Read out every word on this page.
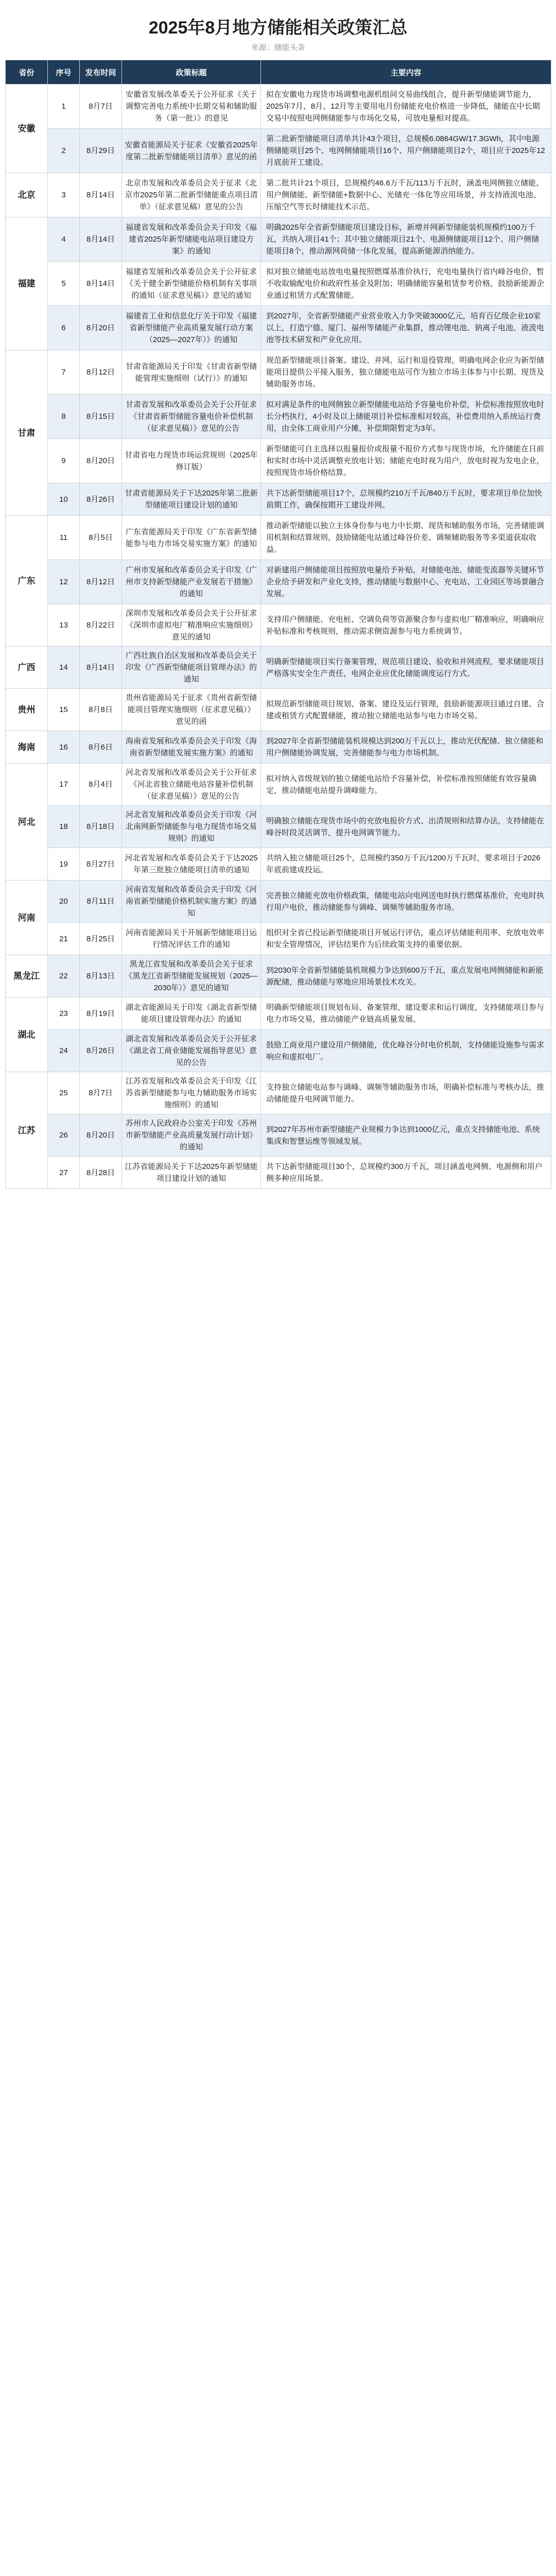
2025年8月地方储能相关政策汇总
来源：储能头条
省份	序号	发布时间	政策标题	主要内容
安徽	1	8月7日	安徽省发展改革委关于公开征求《关于调整完善电力系统中长期交易和辅助服务（第一批）》的意见	拟在安徽电力现货市场调整电源机组间交易曲线组合，提升新型储能调节能力，2025年7月、8月、12月等主要用电月份储能充电价格进一步降低，储能在中长期交易中按照电网侧储能参与市场化交易，可放电量相对提高。
	2	8月29日	安徽省能源局关于征求《安徽省2025年度第二批新型储能项目清单》意见的函	第二批新型储能项目清单共计43个项目，总规模6.0864GW/17.3GWh，其中电源侧储能项目25个、电网侧储能项目16个、用户侧储能项目2个，项目应于2025年12月底前开工建设。
北京	3	8月14日	北京市发展和改革委员会关于征求《北京市2025年第二批新型储能重点项目清单》（征求意见稿）意见的公告	第二批共计21个项目，总规模约46.6万千瓦/113万千瓦时，涵盖电网侧独立储能、用户侧储能、新型储能+数据中心、光储充一体化等应用场景，并支持液流电池、压缩空气等长时储能技术示范。
福建	4	8月14日	福建省发展和改革委员会关于印发《福建省2025年新型储能电站项目建设方案》的通知	明确2025年全省新型储能项目建设目标，新增并网新型储能装机规模约100万千瓦，共纳入项目41个；其中独立储能项目21个、电源侧储能项目12个、用户侧储能项目8个，推动源网荷储一体化发展，提高新能源消纳能力。
	5	8月14日	福建省发展和改革委员会关于公开征求《关于健全新型储能价格机制有关事项的通知（征求意见稿）》意见的通知	拟对独立储能电站放电电量按照燃煤基准价执行，充电电量执行省内峰谷电价，暂不收取输配电价和政府性基金及附加；明确储能容量租赁参考价格，鼓励新能源企业通过租赁方式配置储能。
	6	8月20日	福建省工业和信息化厅关于印发《福建省新型储能产业高质量发展行动方案（2025—2027年）》的通知	到2027年，全省新型储能产业营业收入力争突破3000亿元，培育百亿级企业10家以上，打造宁德、厦门、福州等储能产业集群，推动锂电池、钠离子电池、液流电池等技术研发和产业化应用。
甘肃	7	8月12日	甘肃省能源局关于印发《甘肃省新型储能管理实施细则（试行）》的通知	规范新型储能项目备案、建设、并网、运行和退役管理，明确电网企业应为新型储能项目提供公平接入服务，独立储能电站可作为独立市场主体参与中长期、现货及辅助服务市场。
	8	8月15日	甘肃省发展和改革委员会关于公开征求《甘肃省新型储能容量电价补偿机制（征求意见稿）》意见的公告	拟对满足条件的电网侧独立新型储能电站给予容量电价补偿，补偿标准按照放电时长分档执行，4小时及以上储能项目补偿标准相对较高，补偿费用纳入系统运行费用，由全体工商业用户分摊，补偿期限暂定为3年。
	9	8月20日	甘肃省电力现货市场运营规则（2025年修订版）	新型储能可自主选择以报量报价或报量不报价方式参与现货市场，允许储能在日前和实时市场中灵活调整充放电计划；储能充电时视为用户，放电时视为发电企业，按照现货市场价格结算。
	10	8月26日	甘肃省能源局关于下达2025年第二批新型储能项目建设计划的通知	共下达新型储能项目17个，总规模约210万千瓦/840万千瓦时，要求项目单位加快前期工作，确保按期开工建设并网。
广东	11	8月5日	广东省能源局关于印发《广东省新型储能参与电力市场交易实施方案》的通知	推动新型储能以独立主体身份参与电力中长期、现货和辅助服务市场，完善储能调用机制和结算规则，鼓励储能电站通过峰谷价差、调频辅助服务等多渠道获取收益。
	12	8月12日	广州市发展和改革委员会关于印发《广州市支持新型储能产业发展若干措施》的通知	对新建用户侧储能项目按照放电量给予补贴，对储能电池、储能变流器等关键环节企业给予研发和产业化支持，推动储能与数据中心、充电站、工业园区等场景融合发展。
	13	8月22日	深圳市发展和改革委员会关于公开征求《深圳市虚拟电厂精准响应实施细则》意见的通知	支持用户侧储能、充电桩、空调负荷等资源聚合参与虚拟电厂精准响应，明确响应补贴标准和考核规则，推动需求侧资源参与电力系统调节。
广西	14	8月14日	广西壮族自治区发展和改革委员会关于印发《广西新型储能项目管理办法》的通知	明确新型储能项目实行备案管理，规范项目建设、验收和并网流程，要求储能项目严格落实安全生产责任，电网企业应优化储能调度运行方式。
贵州	15	8月8日	贵州省能源局关于征求《贵州省新型储能项目管理实施细则（征求意见稿）》意见的函	拟规范新型储能项目规划、备案、建设及运行管理，鼓励新能源项目通过自建、合建或租赁方式配置储能，推动独立储能电站参与电力市场交易。
海南	16	8月6日	海南省发展和改革委员会关于印发《海南省新型储能发展实施方案》的通知	到2027年全省新型储能装机规模达到200万千瓦以上，推动光伏配储、独立储能和用户侧储能协调发展，完善储能参与电力市场机制。
河北	17	8月4日	河北省发展和改革委员会关于公开征求《河北省独立储能电站容量补偿机制（征求意见稿）》意见的公告	拟对纳入省级规划的独立储能电站给予容量补偿，补偿标准按照储能有效容量确定，推动储能电站提升调峰能力。
	18	8月18日	河北省发展和改革委员会关于印发《河北南网新型储能参与电力现货市场交易规则》的通知	明确独立储能在现货市场中的充放电报价方式、出清规则和结算办法，支持储能在峰谷时段灵活调节，提升电网调节能力。
	19	8月27日	河北省发展和改革委员会关于下达2025年第三批独立储能项目清单的通知	共纳入独立储能项目25个，总规模约350万千瓦/1200万千瓦时，要求项目于2026年底前建成投运。
河南	20	8月11日	河南省发展和改革委员会关于印发《河南省新型储能价格机制实施方案》的通知	完善独立储能充放电价格政策，储能电站向电网送电时执行燃煤基准价，充电时执行用户电价，推动储能参与调峰、调频等辅助服务市场。
	21	8月25日	河南省能源局关于开展新型储能项目运行情况评估工作的通知	组织对全省已投运新型储能项目开展运行评估，重点评估储能利用率、充放电效率和安全管理情况，评估结果作为后续政策支持的重要依据。
黑龙江	22	8月13日	黑龙江省发展和改革委员会关于征求《黑龙江省新型储能发展规划（2025—2030年）》意见的通知	到2030年全省新型储能装机规模力争达到600万千瓦，重点发展电网侧储能和新能源配储，推动储能与寒地应用场景技术攻关。
湖北	23	8月19日	湖北省能源局关于印发《湖北省新型储能项目建设管理办法》的通知	明确新型储能项目规划布局、备案管理、建设要求和运行调度，支持储能项目参与电力市场交易，推动储能产业链高质量发展。
	24	8月26日	湖北省发展和改革委员会关于公开征求《湖北省工商业储能发展指导意见》意见的公告	鼓励工商业用户建设用户侧储能，优化峰谷分时电价机制，支持储能设施参与需求响应和虚拟电厂。
江苏	25	8月7日	江苏省发展和改革委员会关于印发《江苏省新型储能参与电力辅助服务市场实施细则》的通知	支持独立储能电站参与调峰、调频等辅助服务市场，明确补偿标准与考核办法，推动储能提升电网调节能力。
	26	8月20日	苏州市人民政府办公室关于印发《苏州市新型储能产业高质量发展行动计划》的通知	到2027年苏州市新型储能产业规模力争达到1000亿元，重点支持储能电池、系统集成和智慧运维等领域发展。
	27	8月28日	江苏省能源局关于下达2025年新型储能项目建设计划的通知	共下达新型储能项目30个，总规模约300万千瓦，项目涵盖电网侧、电源侧和用户侧多种应用场景。
